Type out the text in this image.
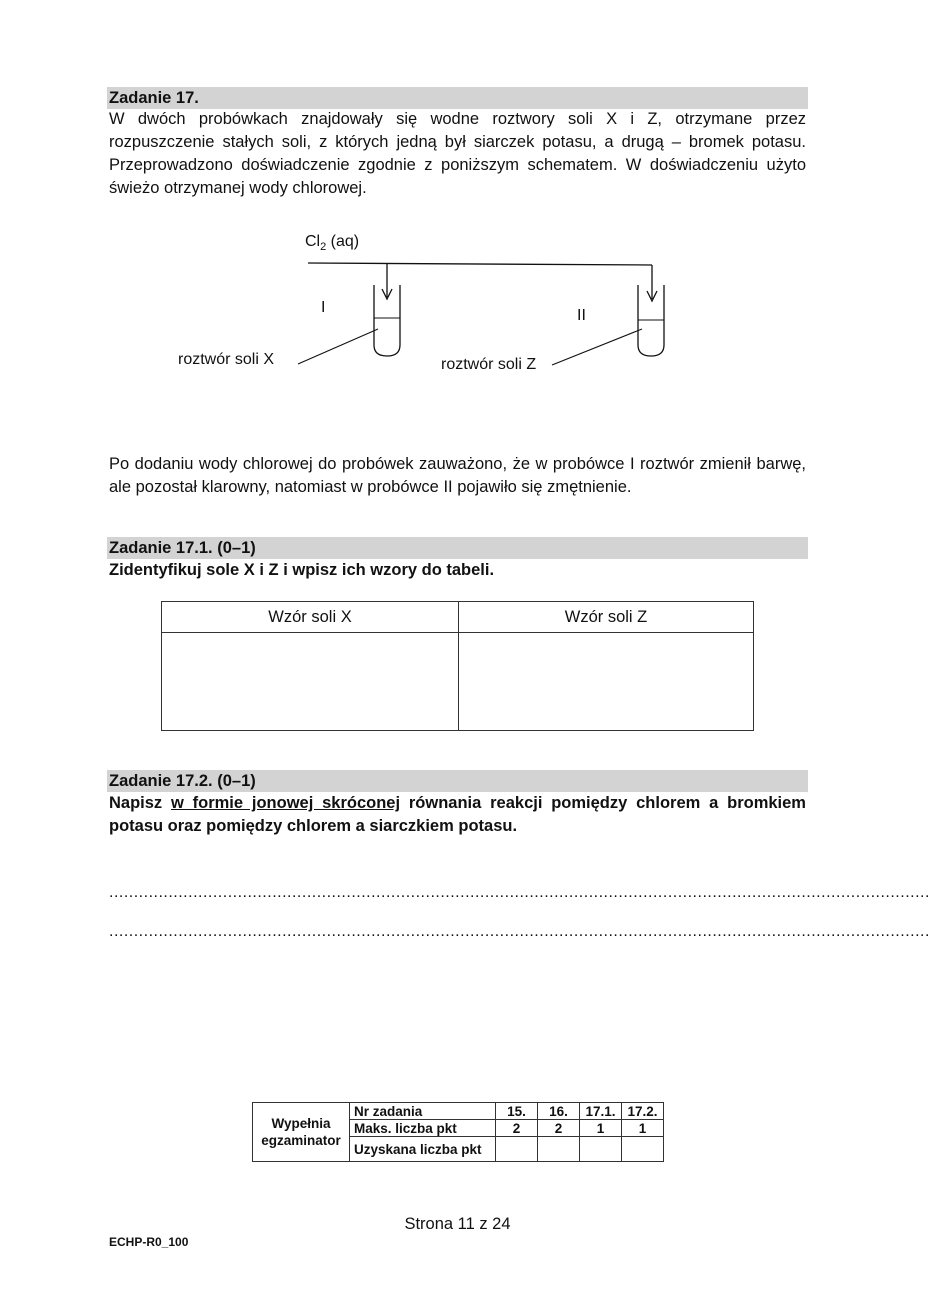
Zadanie 17.
W dwóch probówkach znajdowały się wodne roztwory soli X i Z, otrzymane przez rozpuszczenie stałych soli, z których jedną był siarczek potasu, a drugą – bromek potasu. Przeprowadzono doświadczenie zgodnie z poniższym schematem. W doświadczeniu użyto świeżo otrzymanej wody chlorowej.
$Cl_2$ (aq)
I	II
roztwór soli X	roztwór soli Z
Po dodaniu wody chlorowej do probówek zauważono, że w probówce I roztwór zmienił barwę, ale pozostał klarowny, natomiast w probówce II pojawiło się zmętnienie.
Zadanie 17.1. (0–1)
Zidentyfikuj sole X i Z i wpisz ich wzory do tabeli.
Wzór soli X	Wzór soli Z

Zadanie 17.2. (0–1)
Napisz w formie jonowej skróconej równania reakcji pomiędzy chlorem a bromkiem potasu oraz pomiędzy chlorem a siarczkiem potasu.
......................................................................................................................................................................
......................................................................................................................................................................
Wypełnia egzaminator	Nr zadania	15.	16.	17.1.	17.2.
	Maks. liczba pkt	2	2	1	1
	Uzyskana liczba pkt				
Strona 11 z 24
ECHP-R0_100
